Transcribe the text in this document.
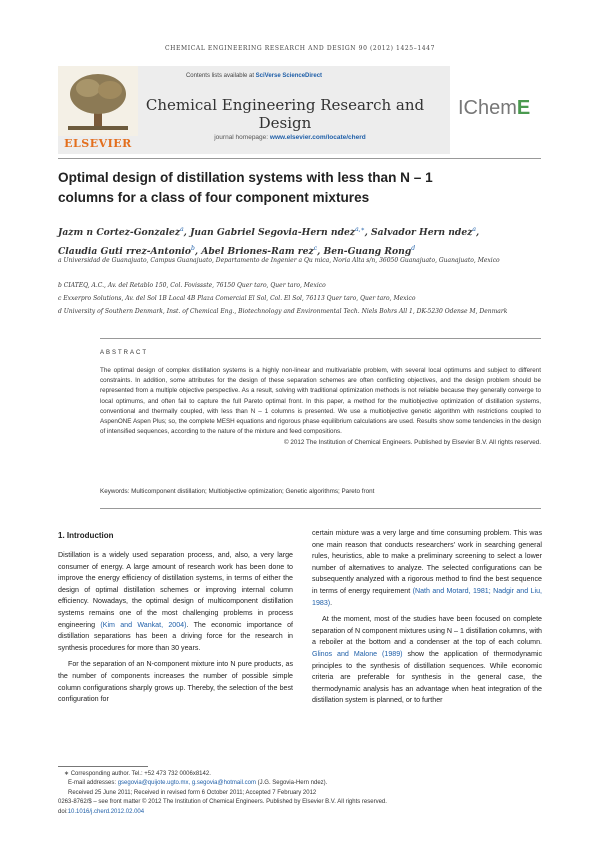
CHEMICAL ENGINEERING RESEARCH AND DESIGN 90 (2012) 1425–1447
ELSEVIER
Contents lists available at SciVerse ScienceDirect
Chemical Engineering Research and Design
journal homepage: www.elsevier.com/locate/cherd
IChemE
Optimal design of distillation systems with less than N – 1
columns for a class of four component mixtures
Jazm n Cortez-Gonzalez$^a$, Juan Gabriel Segovia-Hern ndez$^{a,∗}$, Salvador Hern ndez$^a$,
Claudia Guti rrez-Antonio$^b$, Abel Briones-Ram rez$^c$, Ben-Guang Rong$^d$
a Universidad de Guanajuato, Campus Guanajuato, Departamento de Ingenier a Qu mica, Noria Alta s/n, 36050 Guanajuato, Guanajuato, Mexico
b CIATEQ, A.C., Av. del Retablo 150, Col. Fovissste, 76150 Quer taro, Quer taro, Mexico
c Exxerpro Solutions, Av. del Sol 1B Local 4B Plaza Comercial El Sol, Col. El Sol, 76113 Quer taro, Quer taro, Mexico
d University of Southern Denmark, Inst. of Chemical Eng., Biotechnology and Environmental Tech. Niels Bohrs All 1, DK-5230 Odense M, Denmark
ABSTRACT
The optimal design of complex distillation systems is a highly non-linear and multivariable problem, with several local optimums and subject to different constraints. In addition, some attributes for the design of these separation schemes are often conflicting objectives, and the design problem should be represented from a multiple objective perspective. As a result, solving with traditional optimization methods is not reliable because they generally converge to local optimums, and often fail to capture the full Pareto optimal front. In this paper, a method for the multiobjective optimization of distillation systems, conventional and thermally coupled, with less than N – 1 columns is presented. We use a multiobjective genetic algorithm with restrictions coupled to AspenONE Aspen Plus; so, the complete MESH equations and rigorous phase equilibrium calculations are used. Results show some tendencies in the design of intensified sequences, according to the nature of the mixture and feed compositions.
© 2012 The Institution of Chemical Engineers. Published by Elsevier B.V. All rights reserved.
Keywords: Multicomponent distillation; Multiobjective optimization; Genetic algorithms; Pareto front
1. Introduction

Distillation is a widely used separation process, and, also, a very large consumer of energy. A large amount of research work has been done to improve the energy efficiency of distillation systems, in terms of either the design of optimal distillation schemes or improving internal column efficiency. Nowadays, the optimal design of multicomponent distillation systems remains one of the most challenging problems in process engineering (Kim and Wankat, 2004). The economic importance of distillation separations has been a driving force for the research in synthesis procedures for more than 30 years.

For the separation of an N-component mixture into N pure products, as the number of components increases the number of possible simple column configurations sharply grows up. Thereby, the selection of the best configuration for

certain mixture was a very large and time consuming problem. This was one main reason that conducts researchers' work in searching general rules, heuristics, able to make a preliminary screening to select a lower number of alternatives to analyze. The selected configurations can be subsequently analyzed with a rigorous method to find the best sequence in terms of energy requirement (Nath and Motard, 1981; Nadgir and Liu, 1983).

At the moment, most of the studies have been focused on complete separation of N component mixtures using N – 1 distillation columns, with a reboiler at the bottom and a condenser at the top of each column. Glinos and Malone (1989) show the application of thermodynamic principles to the synthesis of distillation sequences. While economic criteria are preferable for synthesis in the general case, the thermodynamic analysis has an advantage when heat integration of the distillation system is planned, or to further

∗ Corresponding author. Tel.: +52 473 732 0006x8142.
E-mail addresses: gsegovia@quijote.ugto.mx, g.segovia@hotmail.com (J.G. Segovia-Hern ndez).
Received 25 June 2011; Received in revised form 6 October 2011; Accepted 7 February 2012
0263-8762/$ – see front matter © 2012 The Institution of Chemical Engineers. Published by Elsevier B.V. All rights reserved.
doi:10.1016/j.cherd.2012.02.004
